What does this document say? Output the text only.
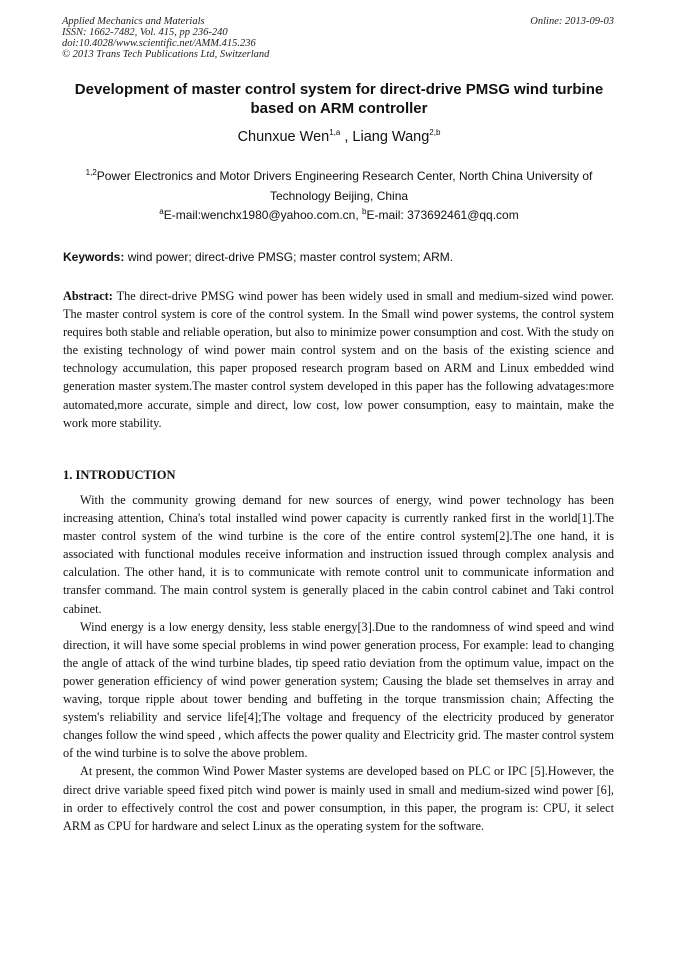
Applied Mechanics and Materials
ISSN: 1662-7482, Vol. 415, pp 236-240
doi:10.4028/www.scientific.net/AMM.415.236
© 2013 Trans Tech Publications Ltd, Switzerland
Online: 2013-09-03
Development of master control system for direct-drive PMSG wind turbine based on ARM controller
Chunxue Wen$^{1,a}$ , Liang Wang$^{2,b}$
$^{1,2}$Power Electronics and Motor Drivers Engineering Research Center, North China University of Technology Beijing, China
$^a$E-mail:wenchx1980@yahoo.com.cn, $^b$E-mail: 373692461@qq.com
Keywords: wind power; direct-drive PMSG; master control system; ARM.
Abstract: The direct-drive PMSG wind power has been widely used in small and medium-sized wind power. The master control system is core of the control system. In the Small wind power systems, the control system requires both stable and reliable operation, but also to minimize power consumption and cost. With the study on the existing technology of wind power main control system and on the basis of the existing science and technology accumulation, this paper proposed research program based on ARM and Linux embedded wind generation master system.The master control system developed in this paper has the following advatages:more automated,more accurate, simple and direct, low cost, low power consumption, easy to maintain, make the work more stability.
1. INTRODUCTION

With the community growing demand for new sources of energy, wind power technology has been increasing attention, China's total installed wind power capacity is currently ranked first in the world[1].The master control system of the wind turbine is the core of the entire control system[2].The one hand, it is associated with functional modules receive information and instruction issued through complex analysis and calculation. The other hand, it is to communicate with remote control unit to communicate information and transfer command. The main control system is generally placed in the cabin control cabinet and Taki control cabinet.

Wind energy is a low energy density, less stable energy[3].Due to the randomness of wind speed and wind direction, it will have some special problems in wind power generation process, For example: lead to changing the angle of attack of the wind turbine blades, tip speed ratio deviation from the optimum value, impact on the power generation efficiency of wind power generation system; Causing the blade set themselves in array and waving, torque ripple about tower bending and buffeting in the torque transmission chain; Affecting the system's reliability and service life[4];The voltage and frequency of the electricity produced by generator changes follow the wind speed , which affects the power quality and Electricity grid. The master control system of the wind turbine is to solve the above problem.

At present, the common Wind Power Master systems are developed based on PLC or IPC [5].However, the direct drive variable speed fixed pitch wind power is mainly used in small and medium-sized wind power [6], in order to effectively control the cost and power consumption, in this paper, the program is: CPU, it select ARM as CPU for hardware and select Linux as the operating system for the software.
